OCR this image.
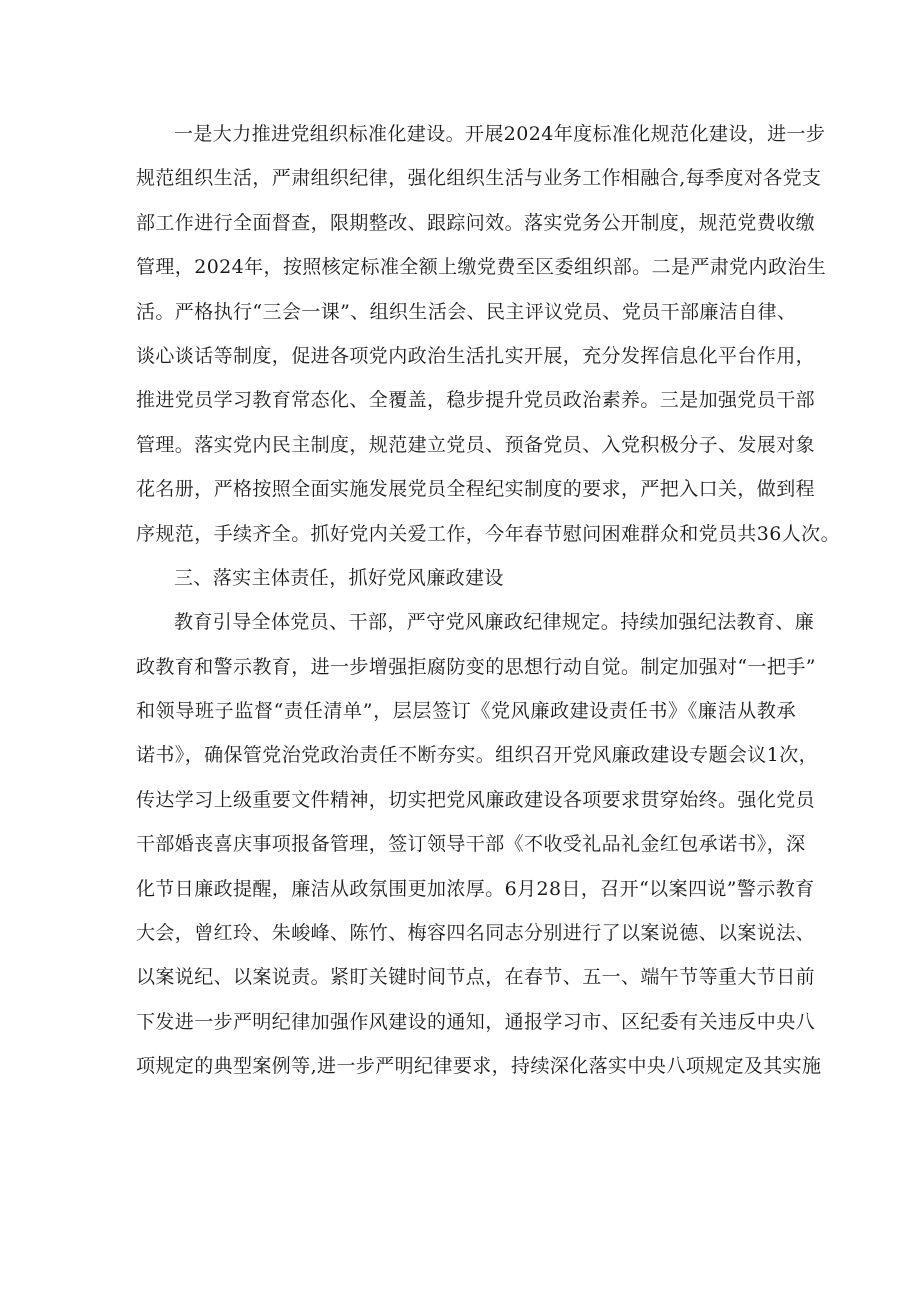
一是大力推进党组织标准化建设。开展2024年度标准化规范化建设，进一步
规范组织生活，严肃组织纪律，强化组织生活与业务工作相融合,每季度对各党支
部工作进行全面督查，限期整改、跟踪问效。落实党务公开制度，规范党费收缴
管理，2024年，按照核定标准全额上缴党费至区委组织部。二是严肃党内政治生
活。严格执行“三会一课”、组织生活会、民主评议党员、党员干部廉洁自律、
谈心谈话等制度，促进各项党内政治生活扎实开展，充分发挥信息化平台作用，
推进党员学习教育常态化、全覆盖，稳步提升党员政治素养。三是加强党员干部
管理。落实党内民主制度，规范建立党员、预备党员、入党积极分子、发展对象
花名册，严格按照全面实施发展党员全程纪实制度的要求，严把入口关，做到程
序规范，手续齐全。抓好党内关爱工作，今年春节慰问困难群众和党员共36人次。
三、落实主体责任，抓好党风廉政建设
教育引导全体党员、干部，严守党风廉政纪律规定。持续加强纪法教育、廉
政教育和警示教育，进一步增强拒腐防变的思想行动自觉。制定加强对“一把手”
和领导班子监督“责任清单”，层层签订《党风廉政建设责任书》《廉洁从教承
诺书》，确保管党治党政治责任不断夯实。组织召开党风廉政建设专题会议1次，
传达学习上级重要文件精神，切实把党风廉政建设各项要求贯穿始终。强化党员
干部婚丧喜庆事项报备管理，签订领导干部《不收受礼品礼金红包承诺书》，深
化节日廉政提醒，廉洁从政氛围更加浓厚。6月28日，召开“以案四说”警示教育
大会，曾红玲、朱峻峰、陈竹、梅容四名同志分别进行了以案说德、以案说法、
以案说纪、以案说责。紧盯关键时间节点，在春节、五一、端午节等重大节日前
下发进一步严明纪律加强作风建设的通知，通报学习市、区纪委有关违反中央八
项规定的典型案例等,进一步严明纪律要求，持续深化落实中央八项规定及其实施
